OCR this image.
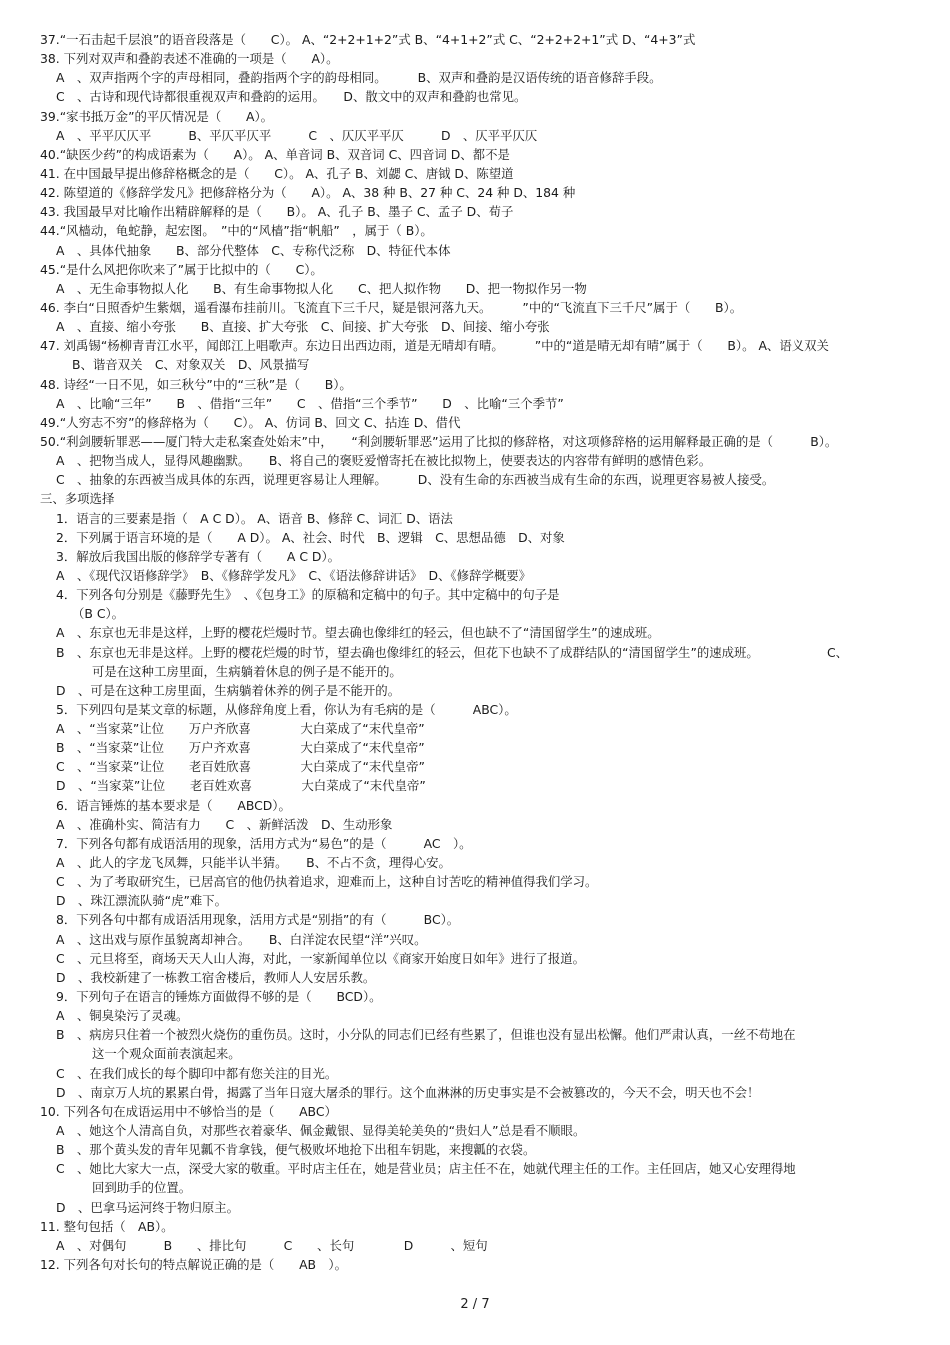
37.“一石击起千层浪”的语音段落是（　　C）。 A、“2+2+1+2”式 B、“4+1+2”式 C、“2+2+2+1”式 D、“4+3”式
38. 下列对双声和叠韵表述不准确的一项是（　　A）。
A　、双声指两个字的声母相同，叠韵指两个字的韵母相同。　　　B、双声和叠韵是汉语传统的语音修辞手段。
C　、古诗和现代诗都很重视双声和叠韵的运用。　　D、散文中的双声和叠韵也常见。
39.“家书抵万金”的平仄情况是（　　A）。
A　、平平仄仄平　　　B、平仄平仄平　　　C　、仄仄平平仄　　　D　、仄平平仄仄
40.“缺医少药”的构成语素为（　　A）。 A、单音词 B、双音词 C、四音词 D、都不是
41. 在中国最早提出修辞格概念的是（　　C）。 A、孔子 B、刘勰 C、唐钺 D、陈望道
42. 陈望道的《修辞学发凡》把修辞格分为（　　A）。 A、38 种 B、27 种 C、24 种 D、184 种
43. 我国最早对比喻作出精辟解释的是（　　B）。 A、孔子 B、墨子 C、孟子 D、荀子
44.“风樯动，龟蛇静，起宏图。　”中的“风樯”指“帆船”　，属于（ B）。
A　、具体代抽象　　B、部分代整体　C、专称代泛称　D、特征代本体
45.“是什么风把你吹来了”属于比拟中的（　　C）。
A　、无生命事物拟人化　　B、有生命事物拟人化　　C、把人拟作物　　D、把一物拟作另一物
46. 李白“日照香炉生紫烟，遥看瀑布挂前川。飞流直下三千尺，疑是银河落九天。　　　”中的“飞流直下三千尺”属于（　　B）。
A　、直接、缩小夸张　　B、直接、扩大夸张　C、间接、扩大夸张　D、间接、缩小夸张
47. 刘禹锡“杨柳青青江水平，闻郎江上唱歌声。东边日出西边雨，道是无晴却有晴。　　　”中的“道是晴无却有晴”属于（　　B）。 A、语义双关
B、谐音双关　C、对象双关　D、风景描写
48. 诗经“一日不见，如三秋兮”中的“三秋”是（　　B）。
A　、比喻“三年”　　B　、借指“三年”　　C　、借指“三个季节”　　D　、比喻“三个季节”
49.“人穷志不穷”的修辞格为（　　C）。 A、仿词 B、回文 C、拈连 D、借代
50.“利剑腰斩罪恶——厦门特大走私案查处始末”中，　　“利剑腰斩罪恶”运用了比拟的修辞格，对这项修辞格的运用解释最正确的是（　　　B）。
A　、把物当成人，显得风趣幽默。　　B、将自己的褒贬爱憎寄托在被比拟物上，使要表达的内容带有鲜明的感情色彩。
C　、抽象的东西被当成具体的东西，说理更容易让人理解。　　　D、没有生命的东西被当成有生命的东西，说理更容易被人接受。
三、多项选择
1．语言的三要素是指（　A C D）。 A、语音 B、修辞 C、词汇 D、语法
2．下列属于语言环境的是（　　A D）。 A、社会、时代　B、逻辑　C、思想品德　D、对象
3．解放后我国出版的修辞学专著有（　　A C D）。
A　、《现代汉语修辞学》　B、《修辞学发凡》　C、《语法修辞讲话》　D、《修辞学概要》
4．下列各句分别是《藤野先生》　、《包身工》的原稿和定稿中的句子。其中定稿中的句子是
（B C）。
A　、东京也无非是这样，上野的樱花烂熳时节。望去确也像绯红的轻云，但也缺不了“清国留学生”的速成班。
B　、东京也无非是这样。上野的樱花烂熳的时节，望去确也像绯红的轻云，但花下也缺不了成群结队的“清国留学生”的速成班。　　　　　　C、
可是在这种工房里面，生病躺着休息的例子是不能开的。
D　、可是在这种工房里面，生病躺着休养的例子是不能开的。
5．下列四句是某文章的标题，从修辞角度上看，你认为有毛病的是（　　　ABC）。
A　、“当家菜”让位　　万户齐欣喜　　　　大白菜成了“末代皇帝”
B　、“当家菜”让位　　万户齐欢喜　　　　大白菜成了“末代皇帝”
C　、“当家菜”让位　　老百姓欣喜　　　　大白菜成了“末代皇帝”
D　、“当家菜”让位　　老百姓欢喜　　　　大白菜成了“末代皇帝”
6．语言锤炼的基本要求是（　　ABCD）。
A　、准确朴实、简洁有力　　C　、新鲜活泼　D、生动形象
7．下列各句都有成语活用的现象，活用方式为“易色”的是（　　　AC　）。
A　、此人的字龙飞凤舞，只能半认半猜。　　B、不占不贪，理得心安。
C　、为了考取研究生，已居高官的他仍执着追求，迎难而上，这种自讨苦吃的精神值得我们学习。
D　、珠江漂流队骑“虎”难下。
8．下列各句中都有成语活用现象，活用方式是“别指”的有（　　　BC）。
A　、这出戏与原作虽貌离却神合。　　B、白洋淀农民望“洋”兴叹。
C　、元旦将至，商场天天人山人海，对此，一家新闻单位以《商家开始度日如年》进行了报道。
D　、我校新建了一栋教工宿舍楼后，教师人人安居乐教。
9．下列句子在语言的锤炼方面做得不够的是（　　BCD）。
A　、铜臭染污了灵魂。
B　、病房只住着一个被烈火烧伤的重伤员。这时，小分队的同志们已经有些累了，但谁也没有显出松懈。他们严肃认真，一丝不苟地在
这一个观众面前表演起来。
C　、在我们成长的每个脚印中都有您关注的目光。
D　、南京万人坑的累累白骨，揭露了当年日寇大屠杀的罪行。这个血淋淋的历史事实是不会被篡改的，今天不会，明天也不会！
10. 下列各句在成语运用中不够恰当的是（　　ABC）
A　、她这个人清高自负，对那些衣着豪华、佩金戴银、显得美轮美奂的“贵妇人”总是看不顺眼。
B　、那个黄头发的青年见瓤不肯拿钱，便气极败坏地抢下出租车钥匙，来搜瓤的衣袋。
C　、她比大家大一点，深受大家的敬重。平时店主任在，她是营业员；店主任不在，她就代理主任的工作。主任回店，她又心安理得地
回到助手的位置。
D　、巴拿马运河终于物归原主。
11. 整句包括（　AB）。
A　、对偶句　　　B　　、排比句　　　C　　、长句　　　　D　　　、短句
12. 下列各句对长句的特点解说正确的是（　　AB　）。
2 / 7
